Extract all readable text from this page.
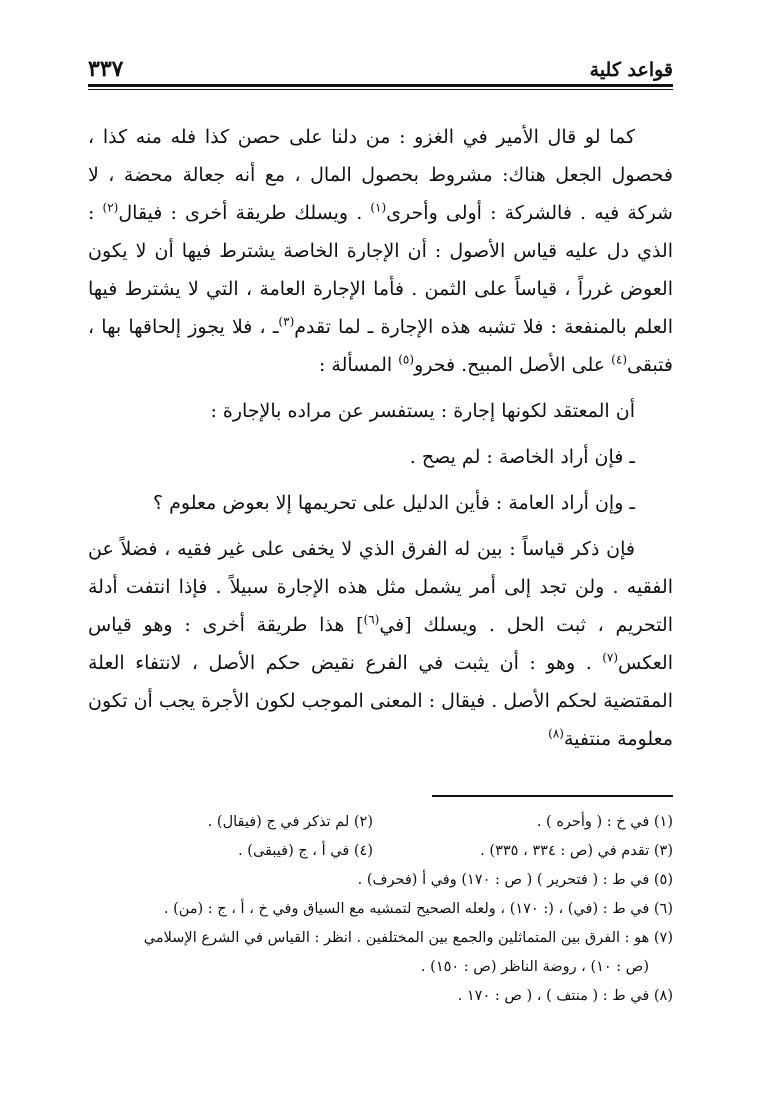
قواعد كلية
٣٣٧

  كما لو قال الأمير في الغزو : من دلنا على حصن كذا فله منه كذا ، فحصول الجعل هناك: مشروط بحصول المال ، مع أنه جعالة محضة ، لا شركة فيه . فالشركة : أولى وأحرى$^{(١)}$ . ويسلك طريقة أخرى : فيقال$^{(٢)}$ : الذي دل عليه قياس الأصول : أن الإجارة الخاصة يشترط فيها أن لا يكون العوض غرراً ، قياساً على الثمن . فأما الإجارة العامة ، التي لا يشترط فيها العلم بالمنفعة : فلا تشبه هذه الإجارة ـ لما تقدم$^{(٣)}$ـ ، فلا يجوز إلحاقها بها ، فتبقى$^{(٤)}$ على الأصل المبيح. فحرو$^{(٥)}$ المسألة :

  أن المعتقد لكونها إجارة : يستفسر عن مراده بالإجارة :

  ـ فإن أراد الخاصة : لم يصح .

  ـ وإن أراد العامة : فأين الدليل على تحريمها إلا بعوض معلوم ؟

  فإن ذكر قياساً : بين له الفرق الذي لا يخفى على غير فقيه ، فضلاً عن الفقيه . ولن تجد إلى أمر يشمل مثل هذه الإجارة سبيلاً . فإذا انتفت أدلة التحريم ، ثبت الحل . ويسلك [في$^{(٦)}$] هذا طريقة أخرى : وهو قياس العكس$^{(٧)}$ . وهو : أن يثبت في الفرع نقيض حكم الأصل ، لانتفاء العلة المقتضية لحكم الأصل . فيقال : المعنى الموجب لكون الأجرة يجب أن تكون معلومة منتفية$^{(٨)}$

(١) في خ : ( وأحره ) .
(٢) لم تذكر في ج (فيقال) .
(٣) تقدم في (ص : ٣٣٤ ، ٣٣٥) .
(٤) في أ ، ج (فيبقى) .

(٥) في ط : ( فتحرير ) ( ص : ١٧٠) وفي أ (فحرف) .

(٦) في ط : (في) ، (: ١٧٠) ، ولعله الصحيح لتمشيه مع السياق وفي خ ، أ ، ج : (من) .

(٧) هو : الفرق بين المتماثلين والجمع بين المختلفين . انظر : القياس في الشرع الإسلامي

(ص : ١٠) ، روضة الناظر (ص : ١٥٠) .

(٨) في ط : ( منتف ) ، ( ص : ١٧٠ .
